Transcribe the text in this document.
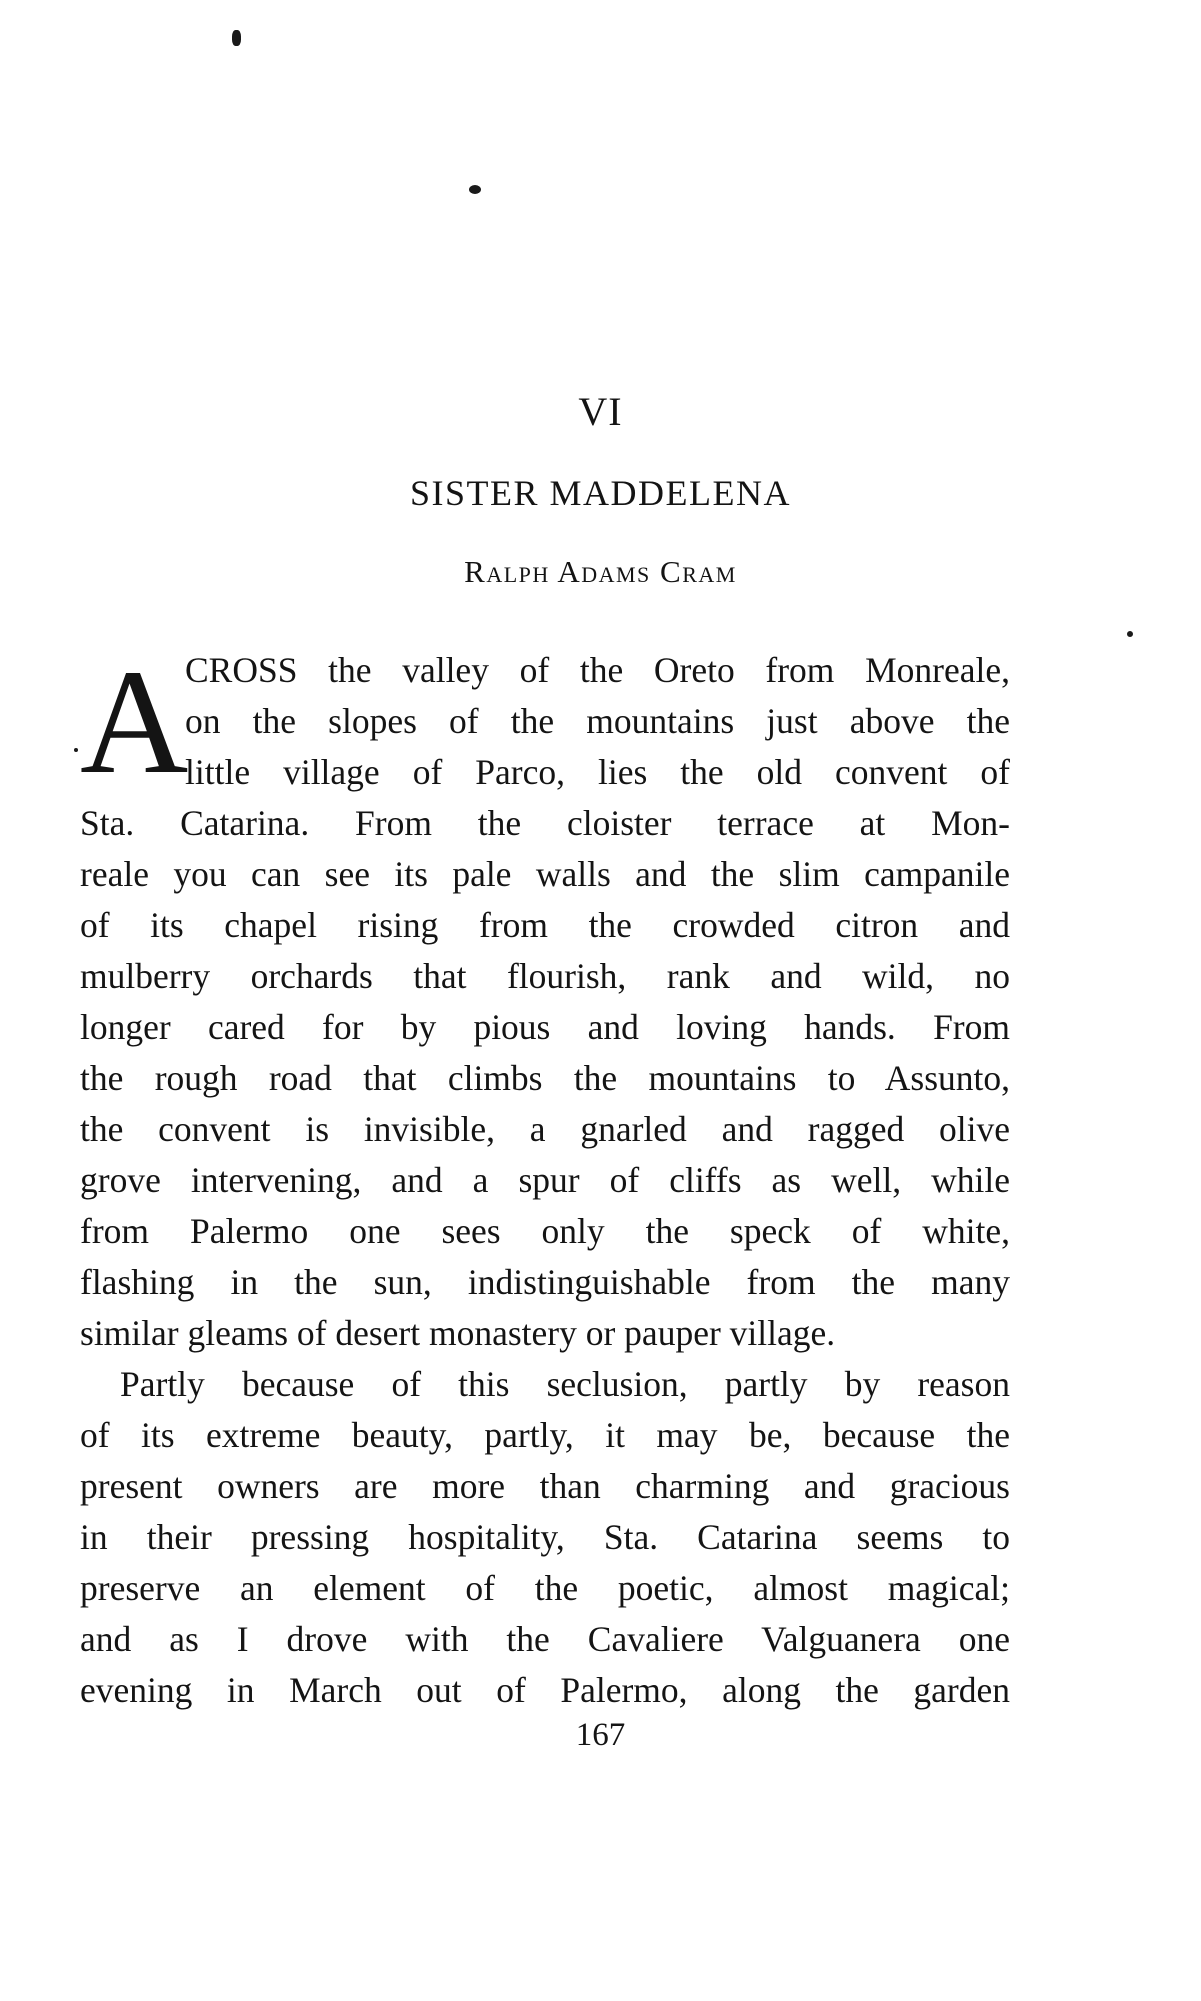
VI
SISTER MADDELENA
Ralph Adams Cram
A
CROSS the valley of the Oreto from Monreale,
on the slopes of the mountains just above the
little village of Parco, lies the old convent of
Sta. Catarina. From the cloister terrace at Mon-
reale you can see its pale walls and the slim campanile
of its chapel rising from the crowded citron and
mulberry orchards that flourish, rank and wild, no
longer cared for by pious and loving hands. From
the rough road that climbs the mountains to Assunto,
the convent is invisible, a gnarled and ragged olive
grove intervening, and a spur of cliffs as well, while
from Palermo one sees only the speck of white,
flashing in the sun, indistinguishable from the many
similar gleams of desert monastery or pauper village.
Partly because of this seclusion, partly by reason
of its extreme beauty, partly, it may be, because the
present owners are more than charming and gracious
in their pressing hospitality, Sta. Catarina seems to
preserve an element of the poetic, almost magical;
and as I drove with the Cavaliere Valguanera one
evening in March out of Palermo, along the garden
167
